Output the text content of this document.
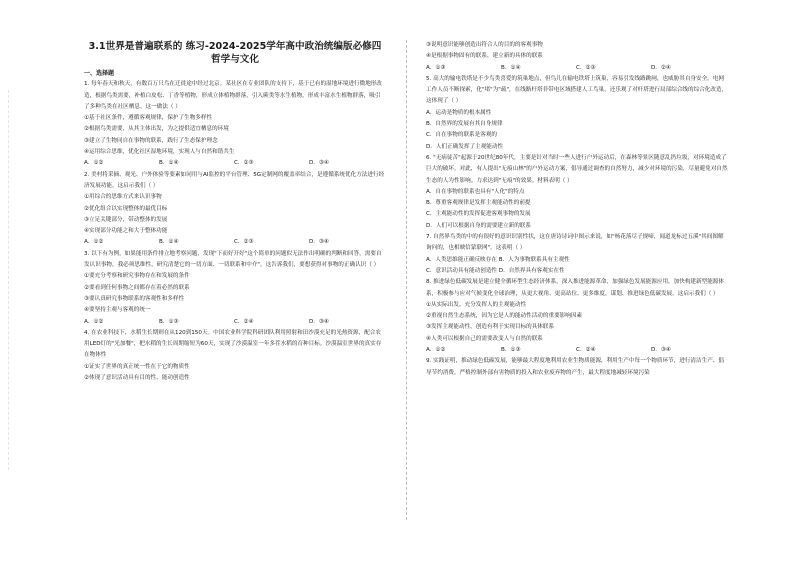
3.1世界是普遍联系的 练习-2024-2025学年高中政治统编版必修四哲学与文化
一、选择题
1. 每年春天和秋天，有数百万只鸟在迁徙途中经过北京。某社区在专业团队的支持下，基于已有的湿地环境进行微地形改造，根据鸟类需要，补植白皮松、丁香等植物，形成立体植物群落，引入蕨类等水生植物，形成丰富水生植物群落，吸引了多种鸟类在社区栖息。这一做法（ ）
①基于社区条件，遵循客观规律，保护了生物多样性
②根据鸟类需要，从其主体出发，为之提供适宜栖息的环境
③建立了生物同自在事物的联系，践行了生态保护理念
④运用综合思维，优化社区湿地环境，实现人与自然和谐共生
A．①②	B．①④	C．②③	D．③④
2. 美村将采摘、观光、户外体验等要素如同用与AI监控的平台管理、5G定制网的覆盖率结合，是遵循系统优化方法进行经济发展功能。这启示我们（ ）
①用综合的思维方式来认识事物
②优化组合以实现整体的最优目标
③立足关键部分，带动整体的发展
④实现部分功能之和大于整体功能
A．①②	B．①④	C．②③	D．③④
3. 以下有为例，如果能用条件排立地考察问题，发现"下而好开好"这个简单的问题似无法作出明确的判断和回答，需要自发认识事物，我必须思维性，研究清楚它的一切方面、一切联系和中介"。这告诉我们，要想获得对事物的正确认识（ ）
①要充分考察和研究事物存在和发展的条件
②要看到任何事物之间都存在着必然的联系
③要认真研究事物联系的客观性和多样性
④要坚持主观与客观的统一
A．①②	B．①③	C．②④	D．③④
4. 在农业科技下，水稻生长期则在从120到150天。中国农业科学院科研团队利用照射和田沙漠充足的光热资源，配合农用LED灯的"光加餐"，把水稻的生长周期缩短为60天，实现了沙漠温室一年多茬水稻的育种目标。沙漠温室世界的真实存在物体性
①证实了世界的真正统一性在于它的物质性
②体现了意识活动具有目的性、能动创造性
③说明意识能够创造出符合人的目的的客观事物
④是根据事物固有的联系，建立新的具体的联系
A．①③	B．①④	C．②③	D．②④
5. 高大的输电铁塔是不少鸟类喜爱的筑巢地点，但鸟儿在输电铁塔上筑巢，容易引发线路跳闸，也威胁其自身安全。电网工作人员不断探索，化"堵"为"疏"，在线路杆塔非带电区域搭建人工鸟巢，还乐观了对杆塔进行局部综合线的综合化改造，这体现了（ ）
A．运动是物质的根本属性
B．自然界的发展有其自身规律
C．自在事物的联系是客观的
D．人们正确发挥了主观能动性
6. "无病徒苦"起源于20世纪80年代，主要是针对当时一些人进行户外运动后，在森林等景区随意乱扔垃圾，对环境造成了巨大的破坏。对此，有人提出"无痕山林"的户外运动方案，倡导通过调查的自然努力，减少对环境的污染，尽量避免对自然生态的人为性影响。力求达到"无痕"的效果。材料表明（ ）
A．自在事物的联系也具有"人化"的特点
B．尊重客观规律是发挥主观能动性的前提
C．主观能动性的发挥促进客观事物的发展
D．人们可以根据自身的需要建立新的联系
7. 自然界鸟类的中的有很好的意识识别性状，这在唐诗诗词中图示来说，如"杨花落尽子规啼，闻道龙标过五溪"其间图解询问的，也相映信蒙联网"。这表明（ ）
A．人类思维能正确反映存在 B．人为事物联系具有主观性
C．意识活动具有能动创造性 D．自然界具有客观实在性
8. 推进绿色低碳发展是建立健全循环型生态经济体系，深入推进能源革命，加强绿色发展能源应用，加快构建新型能源体系，积极参与应对气候变化全球治理，从更大视角、更高站位、更多维度，谋划、推进绿色低碳发展。这启示我们（ ）
①从实际出发，充分发挥人的主观能动性
②重视自然生态系统，因为它是人的能动性活动的重要影响因素
③发挥主观能动性，创造有利于实现目标的具体联系
④人类可以根据自己的需要改变人与自然的联系
A．①②	B．①③	C．②④	D．③④
9. 实践证明，推动绿色低碳发展，能够最大程度地利用农业生物质能源，利用生产中每一个物质环节，进行清洁生产、倡导节约消费，严格控制外部有害物质的投入和农业废弃物的产生，最大程度地减轻环境污染
